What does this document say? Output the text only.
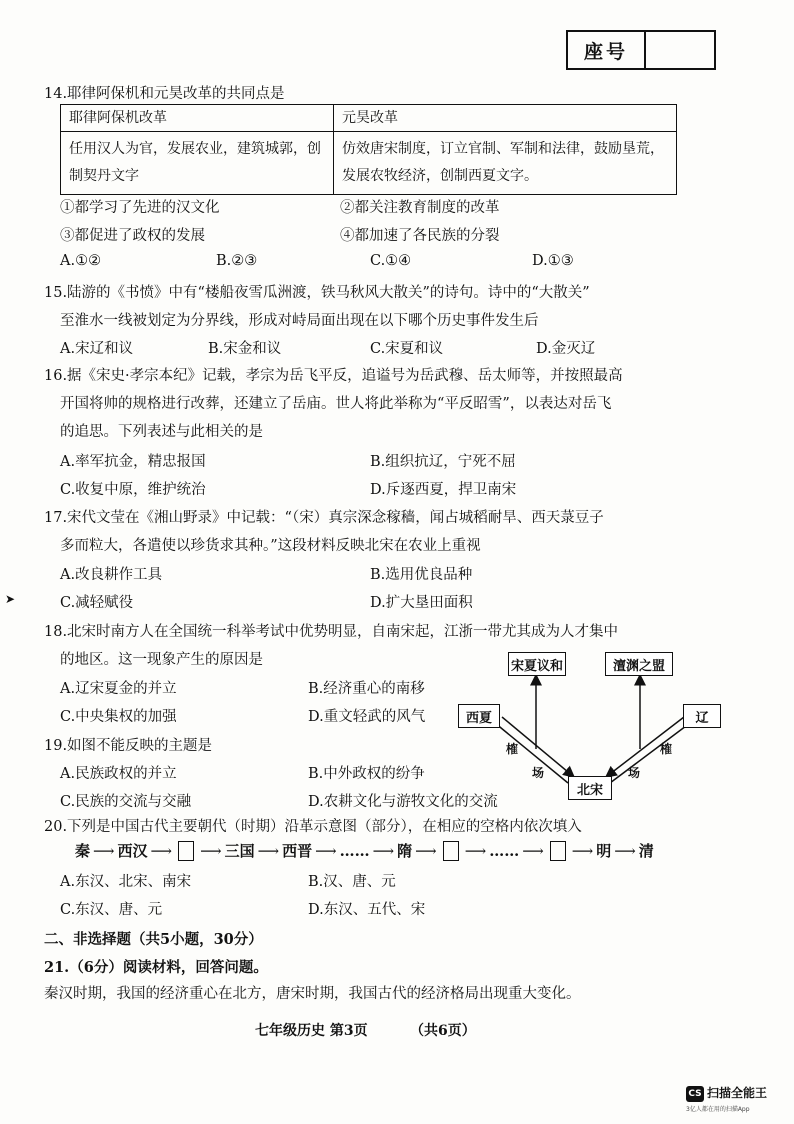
座号
14.耶律阿保机和元昊改革的共同点是
耶律阿保机改革	元昊改革
任用汉人为官，发展农业，建筑城郭，创制契丹文字	仿效唐宋制度，订立官制、军制和法律，鼓励垦荒，发展农牧经济，创制西夏文字。
①都学习了先进的汉文化	②都关注教育制度的改革
③都促进了政权的发展	④都加速了各民族的分裂
A.①②	B.②③	C.①④	D.①③
15.陆游的《书愤》中有“楼船夜雪瓜洲渡，铁马秋风大散关”的诗句。诗中的“大散关”
至淮水一线被划定为分界线，形成对峙局面出现在以下哪个历史事件发生后
A.宋辽和议	B.宋金和议	C.宋夏和议	D.金灭辽
16.据《宋史·孝宗本纪》记载，孝宗为岳飞平反，追谥号为岳武穆、岳太师等，并按照最高
开国将帅的规格进行改葬，还建立了岳庙。世人将此举称为“平反昭雪”，以表达对岳飞
的追思。下列表述与此相关的是
A.率军抗金，精忠报国	B.组织抗辽，宁死不屈
C.收复中原，维护统治	D.斥逐西夏，捍卫南宋
17.宋代文莹在《湘山野录》中记载：“（宋）真宗深念稼穑，闻占城稻耐旱、西天菉豆子
多而粒大，各遣使以珍货求其种。”这段材料反映北宋在农业上重视
A.改良耕作工具	B.选用优良品种
➤	C.减轻赋役	D.扩大垦田面积
18.北宋时南方人在全国统一科举考试中优势明显，自南宋起，江浙一带尤其成为人才集中
的地区。这一现象产生的原因是
A.辽宋夏金的并立	B.经济重心的南移
C.中央集权的加强	D.重文轻武的风气
宋夏议和	澶渊之盟
西夏	辽
北宋
榷
场
榷
场
19.如图不能反映的主题是
A.民族政权的并立	B.中外政权的纷争
C.民族的交流与交融	D.农耕文化与游牧文化的交流
20.下列是中国古代主要朝代（时期）沿革示意图（部分），在相应的空格内依次填入
秦 ⟶ 西汉 ⟶ ⟶ 三国 ⟶ 西晋 ⟶ …… ⟶ 隋 ⟶ ⟶ …… ⟶ ⟶ 明 ⟶ 清
A.东汉、北宋、南宋	B.汉、唐、元
C.东汉、唐、元	D.东汉、五代、宋
二、非选择题（共5小题，30分）
21.（6分）阅读材料，回答问题。
秦汉时期，我国的经济重心在北方，唐宋时期，我国古代的经济格局出现重大变化。
七年级历史 第3页	（共6页）
CS 扫描全能王
3亿人都在用的扫描App
